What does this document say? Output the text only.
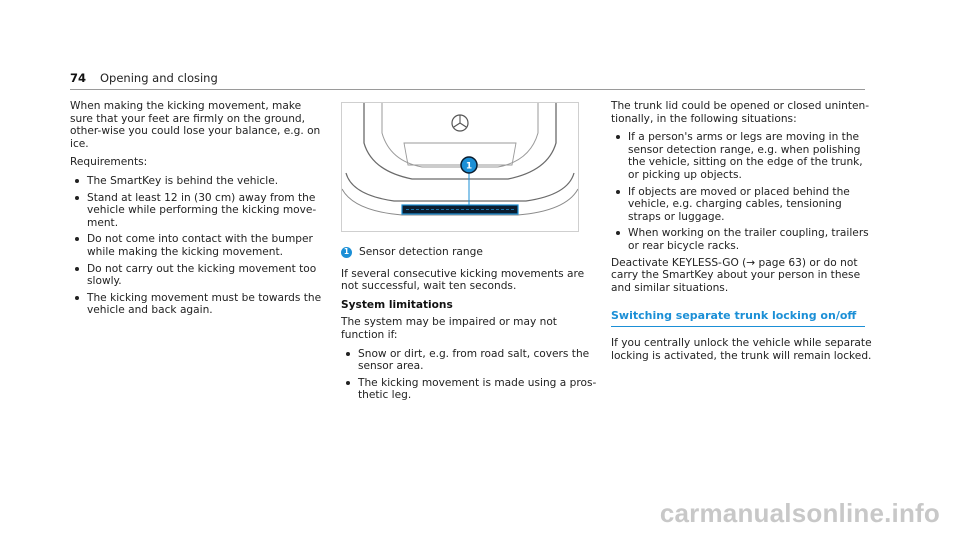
74 Opening and closing

When making the kicking movement, make sure that your feet are firmly on the ground, other-wise you could lose your balance, e.g. on ice.

Requirements:

The SmartKey is behind the vehicle.
Stand at least 12 in (30 cm) away from the vehicle while performing the kicking move-ment.
Do not come into contact with the bumper while making the kicking movement.
Do not carry out the kicking movement too slowly.
The kicking movement must be towards the vehicle and back again.
1
1 Sensor detection range

If several consecutive kicking movements are not successful, wait ten seconds.

System limitations

The system may be impaired or may not function if:

Snow or dirt, e.g. from road salt, covers the sensor area.
The kicking movement is made using a pros-thetic leg.

The trunk lid could be opened or closed uninten-tionally, in the following situations:

If a person's arms or legs are moving in the sensor detection range, e.g. when polishing the vehicle, sitting on the edge of the trunk, or picking up objects.
If objects are moved or placed behind the vehicle, e.g. charging cables, tensioning straps or luggage.
When working on the trailer coupling, trailers or rear bicycle racks.

Deactivate KEYLESS-GO (→ page 63) or do not carry the SmartKey about your person in these and similar situations.

Switching separate trunk locking on/off

If you centrally unlock the vehicle while separate locking is activated, the trunk will remain locked.

carmanualsonline.info
